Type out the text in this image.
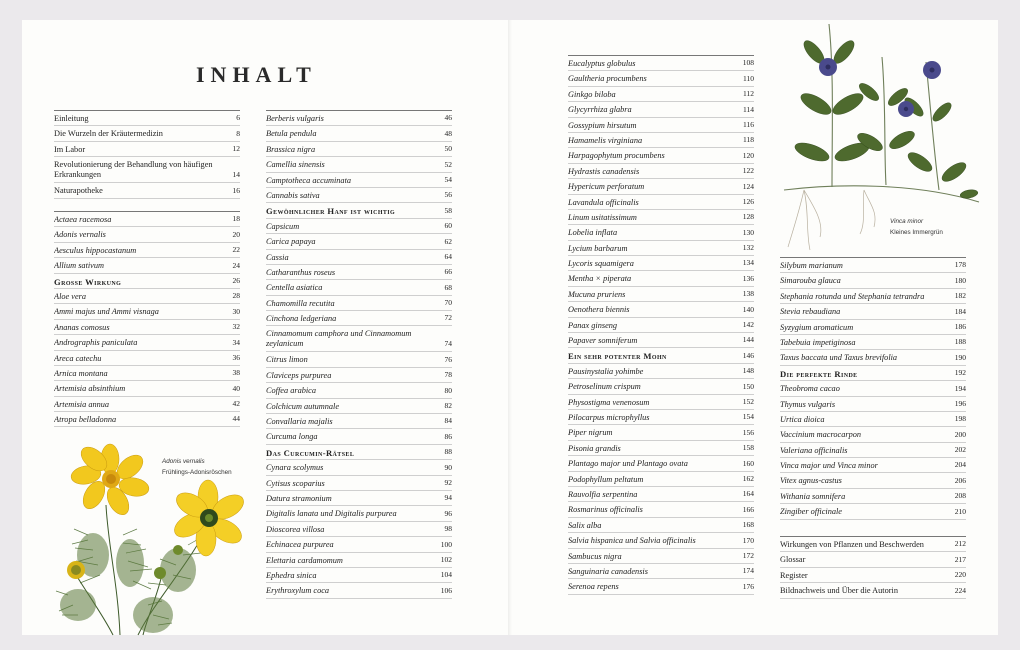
INHALT
Einleitung	6
Die Wurzeln der Kräutermedizin	8
Im Labor	12
Revolutionierung der Behandlung von häufigen Erkrankungen	14
Naturapotheke	16
Actaea racemosa	18
Adonis vernalis	20
Aesculus hippocastanum	22
Allium sativum	24
Grosse Wirkung	26
Aloe vera	28
Ammi majus und Ammi visnaga	30
Ananas comosus	32
Andrographis paniculata	34
Areca catechu	36
Arnica montana	38
Artemisia absinthium	40
Artemisia annua	42
Atropa belladonna	44
Berberis vulgaris	46
Betula pendula	48
Brassica nigra	50
Camellia sinensis	52
Camptotheca accuminata	54
Cannabis sativa	56
Gewöhnlicher Hanf ist wichtig	58
Capsicum	60
Carica papaya	62
Cassia	64
Catharanthus roseus	66
Centella asiatica	68
Chamomilla recutita	70
Cinchona ledgeriana	72
Cinnamomum camphora und Cinnamomum zeylanicum	74
Citrus limon	76
Claviceps purpurea	78
Coffea arabica	80
Colchicum autumnale	82
Convallaria majalis	84
Curcuma longa	86
Das Curcumin-Rätsel	88
Cynara scolymus	90
Cytisus scoparius	92
Datura stramonium	94
Digitalis lanata und Digitalis purpurea	96
Dioscorea villosa	98
Echinacea purpurea	100
Elettaria cardamomum	102
Ephedra sinica	104
Erythroxylum coca	106
Eucalyptus globulus	108
Gaultheria procumbens	110
Ginkgo biloba	112
Glycyrrhiza glabra	114
Gossypium hirsutum	116
Hamamelis virginiana	118
Harpagophytum procumbens	120
Hydrastis canadensis	122
Hypericum perforatum	124
Lavandula officinalis	126
Linum usitatissimum	128
Lobelia inflata	130
Lycium barbarum	132
Lycoris squamigera	134
Mentha × piperata	136
Mucuna pruriens	138
Oenothera biennis	140
Panax ginseng	142
Papaver somniferum	144
Ein sehr potenter Mohn	146
Pausinystalia yohimbe	148
Petroselinum crispum	150
Physostigma venenosum	152
Pilocarpus microphyllus	154
Piper nigrum	156
Pisonia grandis	158
Plantago major und Plantago ovata	160
Podophyllum peltatum	162
Rauvolfia serpentina	164
Rosmarinus officinalis	166
Salix alba	168
Salvia hispanica und Salvia officinalis	170
Sambucus nigra	172
Sanguinaria canadensis	174
Serenoa repens	176
Silybum marianum	178
Simarouba glauca	180
Stephania rotunda und Stephania tetrandra	182
Stevia rebaudiana	184
Syzygium aromaticum	186
Tabebuia impetiginosa	188
Taxus baccata und Taxus brevifolia	190
Die perfekte Rinde	192
Theobroma cacao	194
Thymus vulgaris	196
Urtica dioica	198
Vaccinium macrocarpon	200
Valeriana officinalis	202
Vinca major und Vinca minor	204
Vitex agnus-castus	206
Withania somnifera	208
Zingiber officinale	210
Wirkungen von Pflanzen und Beschwerden	212
Glossar	217
Register	220
Bildnachweis und Über die Autorin	224
Adonis vernalis
Frühlings-Adonisröschen
Vinca minor
Kleines Immergrün
